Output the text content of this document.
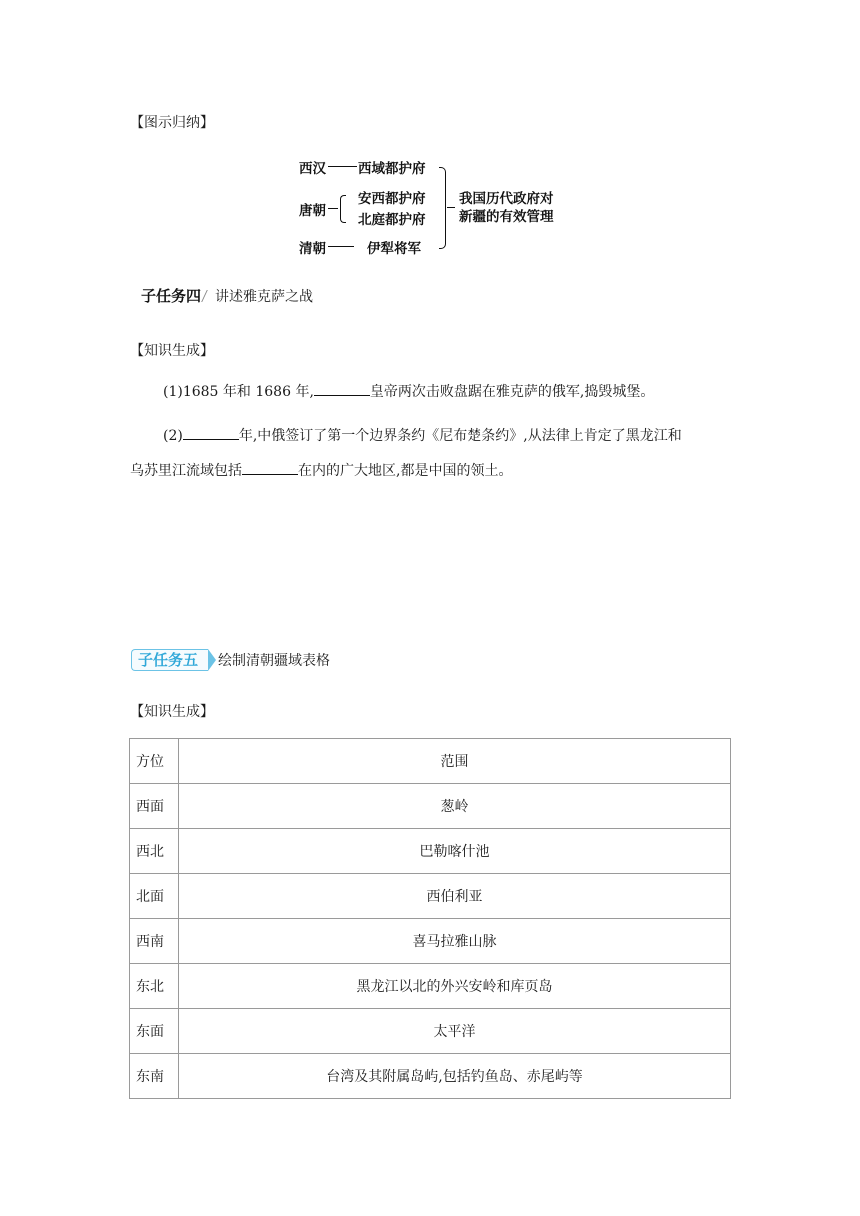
【图示归纳】
西汉 西域都护府
唐朝
安西都护府
北庭都护府
清朝	伊犁将军
我国历代政府对
新疆的有效管理
子任务四 讲述雅克萨之战
【知识生成】
(1)1685 年和 1686 年,	皇帝两次击败盘踞在雅克萨的俄军,捣毁城堡。
(2)	年,中俄签订了第一个边界条约《尼布楚条约》,从法律上肯定了黑龙江和
乌苏里江流域包括	在内的广大地区,都是中国的领土。
子任务五	绘制清朝疆域表格
【知识生成】
方位	范围
西面	葱岭
西北	巴勒喀什池
北面	西伯利亚
西南	喜马拉雅山脉
东北	黑龙江以北的外兴安岭和库页岛
东面	太平洋
东南	台湾及其附属岛屿,包括钓鱼岛、赤尾屿等
